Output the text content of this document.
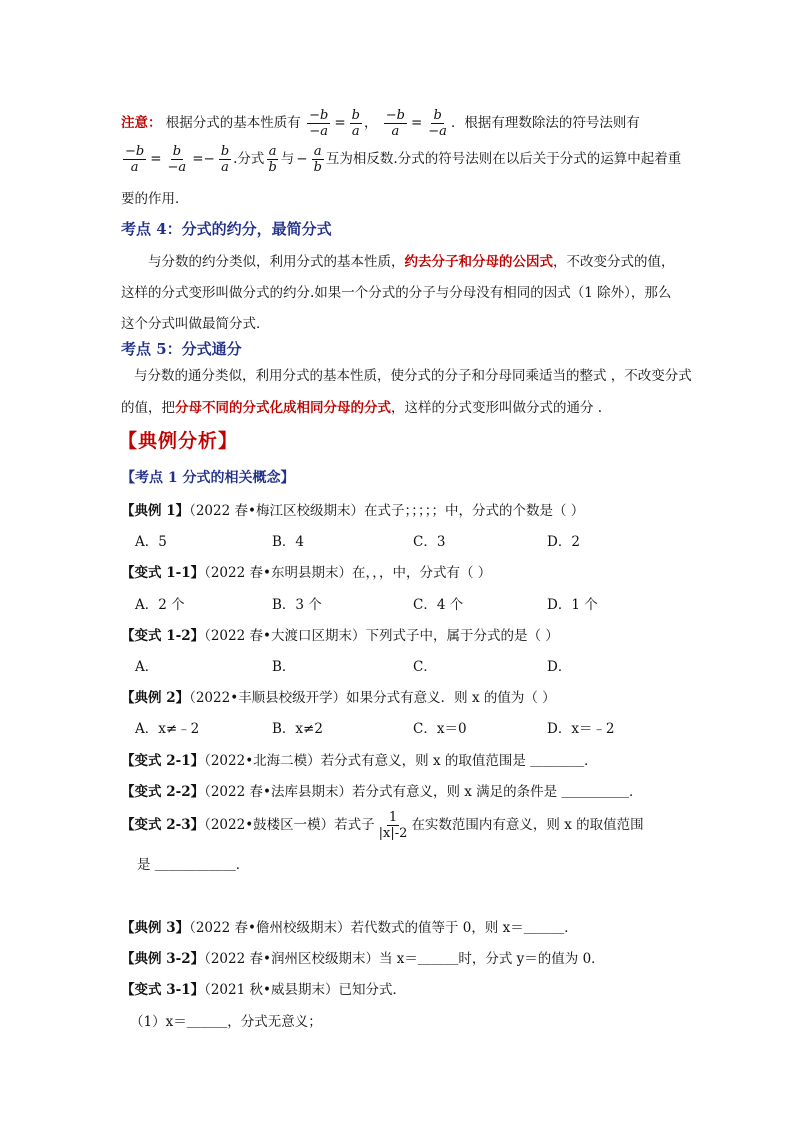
注意： 根据分式的基本性质有 $\frac{-b}{-a} = \frac{b}{a}$ ， $\frac{-b}{a} = \frac{b}{-a}$ ．根据有理数除法的符号法则有
$\frac{-b}{a} = \frac{b}{-a} =- \frac{b}{a}$ .分式 $\frac{a}{b}$ 与 − $\frac{a}{b}$ 互为相反数.分式的符号法则在以后关于分式的运算中起着重
要的作用．
考点 4：分式的约分，最简分式
与分数的约分类似，利用分式的基本性质，约去分子和分母的公因式，不改变分式的值，
这样的分式变形叫做分式的约分.如果一个分式的分子与分母没有相同的因式（1 除外），那么
这个分式叫做最简分式．
考点 5：分式通分
与分数的通分类似，利用分式的基本性质，使分式的分子和分母同乘适当的整式 ，不改变分式
的值，把分母不同的分式化成相同分母的分式，这样的分式变形叫做分式的通分 .
【典例分析】
【考点 1 分式的相关概念】
【典例 1】（2022 春•梅江区校级期末）在式子；；；；；中，分式的个数是（ ）
A．5	B．4	C．3	D．2
【变式 1-1】（2022 春•东明县期末）在，，，中，分式有（ ）
A．2 个	B．3 个	C．4 个	D．1 个
【变式 1-2】（2022 春•大渡口区期末）下列式子中，属于分式的是（ ）
A．	B．	C．	D．
【典例 2】（2022•丰顺县校级开学）如果分式有意义．则 x 的值为（ ）
A．x≠﹣2	B．x≠2	C．x＝0	D．x＝﹣2
【变式 2-1】（2022•北海二模）若分式有意义，则 x 的取值范围是 ＿＿＿＿．
【变式 2-2】（2022 春•法库县期末）若分式有意义，则 x 满足的条件是 ＿＿＿＿＿．
【变式 2-3】（2022•鼓楼区一模）若式子 $\frac{1}{|x|-2}$ 在实数范围内有意义，则 x 的取值范围
是 ＿＿＿＿＿＿．
【典例 3】（2022 春•儋州校级期末）若代数式的值等于 0，则 x＝＿＿＿．
【典例 3-2】（2022 春•润州区校级期末）当 x＝＿＿＿时，分式 y＝的值为 0．
【变式 3-1】（2021 秋•威县期末）已知分式．
（1）x＝＿＿＿，分式无意义；
